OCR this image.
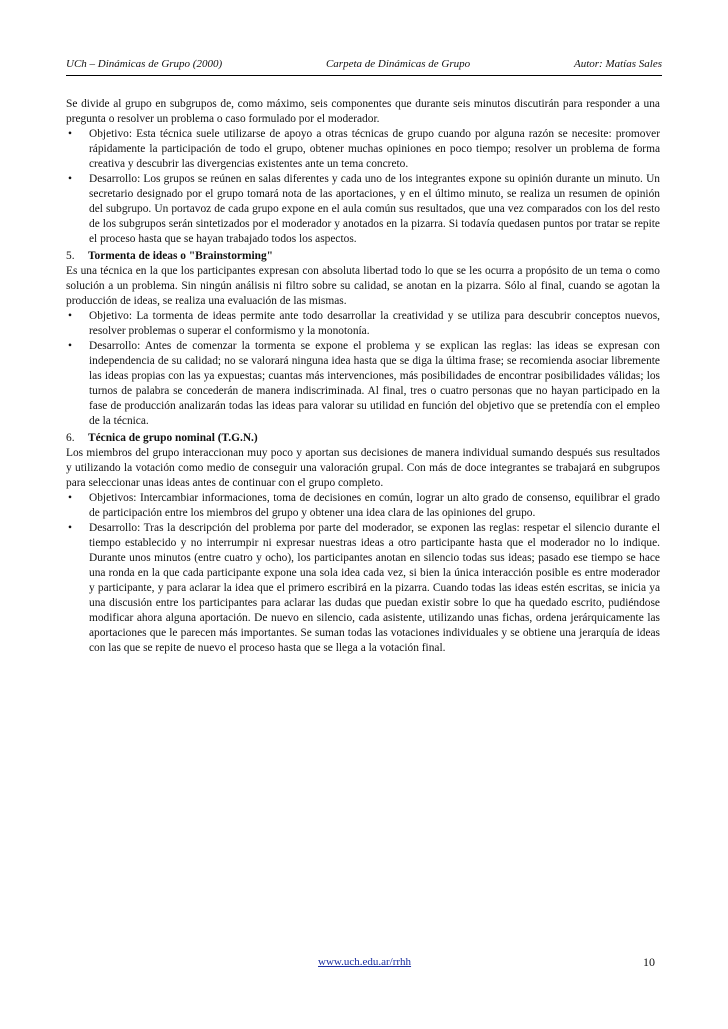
UCh – Dinámicas de Grupo (2000)	Carpeta de Dinámicas de Grupo	Autor: Matías Sales

Se divide al grupo en subgrupos de, como máximo, seis componentes que durante seis minutos discutirán para responder a una pregunta o resolver un problema o caso formulado por el moderador.

• Objetivo: Esta técnica suele utilizarse de apoyo a otras técnicas de grupo cuando por alguna razón se necesite: promover rápidamente la participación de todo el grupo, obtener muchas opiniones en poco tiempo; resolver un problema de forma creativa y descubrir las divergencias existentes ante un tema concreto.
• Desarrollo: Los grupos se reúnen en salas diferentes y cada uno de los integrantes expone su opinión durante un minuto. Un secretario designado por el grupo tomará nota de las aportaciones, y en el último minuto, se realiza un resumen de opinión del subgrupo. Un portavoz de cada grupo expone en el aula común sus resultados, que una vez comparados con los del resto de los subgrupos serán sintetizados por el moderador y anotados en la pizarra. Si todavía quedasen puntos por tratar se repite el proceso hasta que se hayan trabajado todos los aspectos.
5. Tormenta de ideas o "Brainstorming"

Es una técnica en la que los participantes expresan con absoluta libertad todo lo que se les ocurra a propósito de un tema o como solución a un problema. Sin ningún análisis ni filtro sobre su calidad, se anotan en la pizarra. Sólo al final, cuando se agotan la producción de ideas, se realiza una evaluación de las mismas.

• Objetivo: La tormenta de ideas permite ante todo desarrollar la creatividad y se utiliza para descubrir conceptos nuevos, resolver problemas o superar el conformismo y la monotonía.
• Desarrollo: Antes de comenzar la tormenta se expone el problema y se explican las reglas: las ideas se expresan con independencia de su calidad; no se valorará ninguna idea hasta que se diga la última frase; se recomienda asociar libremente las ideas propias con las ya expuestas; cuantas más intervenciones, más posibilidades de encontrar posibilidades válidas; los turnos de palabra se concederán de manera indiscriminada. Al final, tres o cuatro personas que no hayan participado en la fase de producción analizarán todas las ideas para valorar su utilidad en función del objetivo que se pretendía con el empleo de la técnica.
6. Técnica de grupo nominal (T.G.N.)

Los miembros del grupo interaccionan muy poco y aportan sus decisiones de manera individual sumando después sus resultados y utilizando la votación como medio de conseguir una valoración grupal. Con más de doce integrantes se trabajará en subgrupos para seleccionar unas ideas antes de continuar con el grupo completo.

• Objetivos: Intercambiar informaciones, toma de decisiones en común, lograr un alto grado de consenso, equilibrar el grado de participación entre los miembros del grupo y obtener una idea clara de las opiniones del grupo.
• Desarrollo: Tras la descripción del problema por parte del moderador, se exponen las reglas: respetar el silencio durante el tiempo establecido y no interrumpir ni expresar nuestras ideas a otro participante hasta que el moderador no lo indique. Durante unos minutos (entre cuatro y ocho), los participantes anotan en silencio todas sus ideas; pasado ese tiempo se hace una ronda en la que cada participante expone una sola idea cada vez, si bien la única interacción posible es entre moderador y participante, y para aclarar la idea que el primero escribirá en la pizarra. Cuando todas las ideas estén escritas, se inicia ya una discusión entre los participantes para aclarar las dudas que puedan existir sobre lo que ha quedado escrito, pudiéndose modificar ahora alguna aportación. De nuevo en silencio, cada asistente, utilizando unas fichas, ordena jerárquicamente las aportaciones que le parecen más importantes. Se suman todas las votaciones individuales y se obtiene una jerarquía de ideas con las que se repite de nuevo el proceso hasta que se llega a la votación final.
www.uch.edu.ar/rrhh	10
